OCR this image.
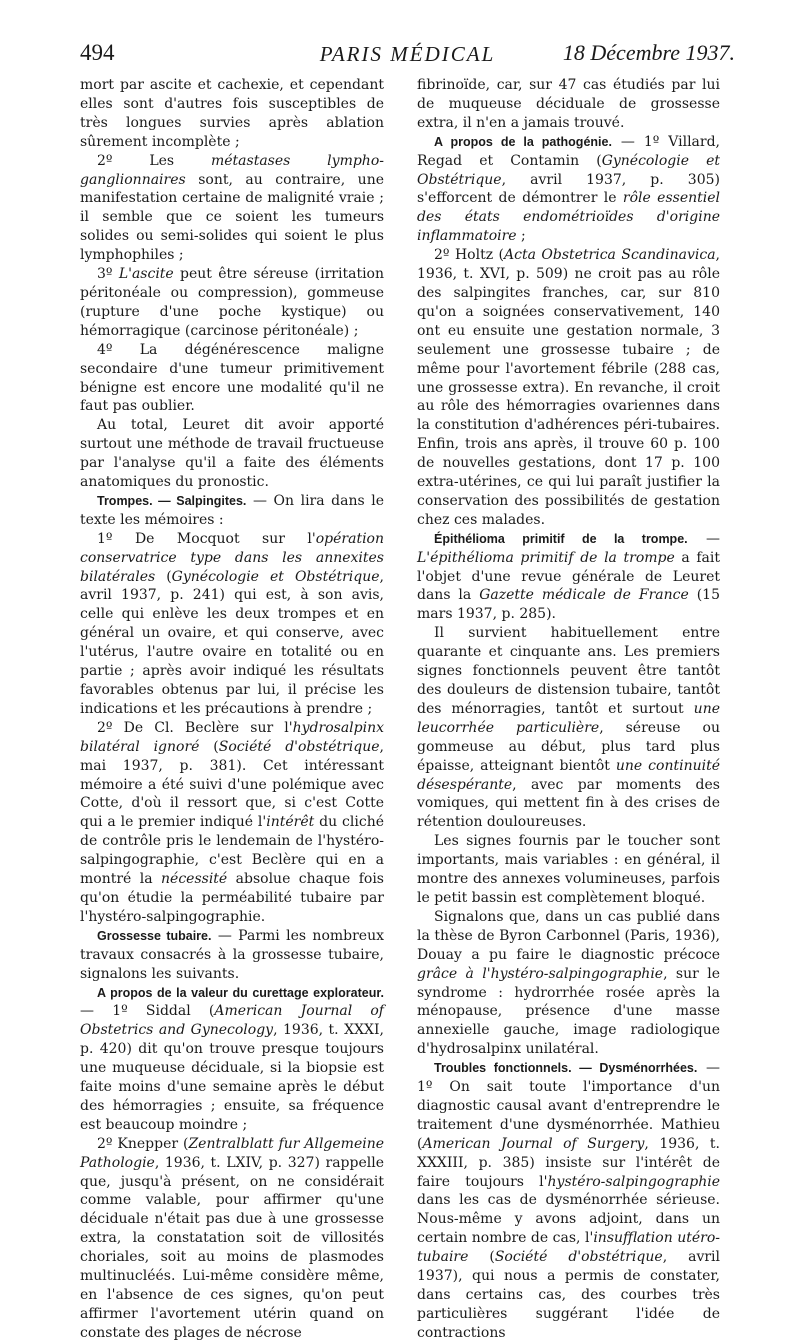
494	PARIS MÉDICAL	18 Décembre 1937.

mort par ascite et cachexie, et cependant elles sont d'autres fois susceptibles de très longues survies après ablation sûrement incomplète ;

2º Les métastases lympho-ganglionnaires sont, au contraire, une manifestation certaine de malignité vraie ; il semble que ce soient les tumeurs solides ou semi-solides qui soient le plus lymphophiles ;

3º L'ascite peut être séreuse (irritation péritonéale ou compression), gommeuse (rupture d'une poche kystique) ou hémorragique (carcinose péritonéale) ;

4º La dégénérescence maligne secondaire d'une tumeur primitivement bénigne est encore une modalité qu'il ne faut pas oublier.

Au total, Leuret dit avoir apporté surtout une méthode de travail fructueuse par l'analyse qu'il a faite des éléments anatomiques du pronostic.

Trompes. — Salpingites. — On lira dans le texte les mémoires :

1º De Mocquot sur l'opération conservatrice type dans les annexites bilatérales (Gynécologie et Obstétrique, avril 1937, p. 241) qui est, à son avis, celle qui enlève les deux trompes et en général un ovaire, et qui conserve, avec l'utérus, l'autre ovaire en totalité ou en partie ; après avoir indiqué les résultats favorables obtenus par lui, il précise les indications et les précautions à prendre ;

2º De Cl. Beclère sur l'hydrosalpinx bilatéral ignoré (Société d'obstétrique, mai 1937, p. 381). Cet intéressant mémoire a été suivi d'une polémique avec Cotte, d'où il ressort que, si c'est Cotte qui a le premier indiqué l'intérêt du cliché de contrôle pris le lendemain de l'hystéro-salpingographie, c'est Beclère qui en a montré la nécessité absolue chaque fois qu'on étudie la perméabilité tubaire par l'hystéro-salpingographie.

Grossesse tubaire. — Parmi les nombreux travaux consacrés à la grossesse tubaire, signalons les suivants.

A propos de la valeur du curettage explorateur. — 1º Siddal (American Journal of Obstetrics and Gynecology, 1936, t. XXXI, p. 420) dit qu'on trouve presque toujours une muqueuse déciduale, si la biopsie est faite moins d'une semaine après le début des hémorragies ; ensuite, sa fréquence est beaucoup moindre ;

2º Knepper (Zentralblatt fur Allgemeine Pathologie, 1936, t. LXIV, p. 327) rappelle que, jusqu'à présent, on ne considérait comme valable, pour affirmer qu'une déciduale n'était pas due à une grossesse extra, la constatation soit de villosités choriales, soit au moins de plasmodes multinucléés. Lui-même considère même, en l'absence de ces signes, qu'on peut affirmer l'avortement utérin quand on constate des plages de nécrose

fibrinoïde, car, sur 47 cas étudiés par lui de muqueuse déciduale de grossesse extra, il n'en a jamais trouvé.

A propos de la pathogénie. — 1º Villard, Regad et Contamin (Gynécologie et Obstétrique, avril 1937, p. 305) s'efforcent de démontrer le rôle essentiel des états endométrioïdes d'origine inflammatoire ;

2º Holtz (Acta Obstetrica Scandinavica, 1936, t. XVI, p. 509) ne croit pas au rôle des salpingites franches, car, sur 810 qu'on a soignées conservativement, 140 ont eu ensuite une gestation normale, 3 seulement une grossesse tubaire ; de même pour l'avortement fébrile (288 cas, une grossesse extra). En revanche, il croit au rôle des hémorragies ovariennes dans la constitution d'adhérences péri-tubaires. Enfin, trois ans après, il trouve 60 p. 100 de nouvelles gestations, dont 17 p. 100 extra-utérines, ce qui lui paraît justifier la conservation des possibilités de gestation chez ces malades.

Épithélioma primitif de la trompe. — L'épithélioma primitif de la trompe a fait l'objet d'une revue générale de Leuret dans la Gazette médicale de France (15 mars 1937, p. 285).

Il survient habituellement entre quarante et cinquante ans. Les premiers signes fonctionnels peuvent être tantôt des douleurs de distension tubaire, tantôt des ménorragies, tantôt et surtout une leucorrhée particulière, séreuse ou gommeuse au début, plus tard plus épaisse, atteignant bientôt une continuité désespérante, avec par moments des vomiques, qui mettent fin à des crises de rétention douloureuses.

Les signes fournis par le toucher sont importants, mais variables : en général, il montre des annexes volumineuses, parfois le petit bassin est complètement bloqué.

Signalons que, dans un cas publié dans la thèse de Byron Carbonnel (Paris, 1936), Douay a pu faire le diagnostic précoce grâce à l'hystéro-salpingographie, sur le syndrome : hydrorrhée rosée après la ménopause, présence d'une masse annexielle gauche, image radiologique d'hydrosalpinx unilatéral.

Troubles fonctionnels. — Dysménorrhées. — 1º On sait toute l'importance d'un diagnostic causal avant d'entreprendre le traitement d'une dysménorrhée. Mathieu (American Journal of Surgery, 1936, t. XXXIII, p. 385) insiste sur l'intérêt de faire toujours l'hystéro-salpingographie dans les cas de dysménorrhée sérieuse. Nous-même y avons adjoint, dans un certain nombre de cas, l'insufflation utéro-tubaire (Société d'obstétrique, avril 1937), qui nous a permis de constater, dans certains cas, des courbes très particulières suggérant l'idée de contractions
